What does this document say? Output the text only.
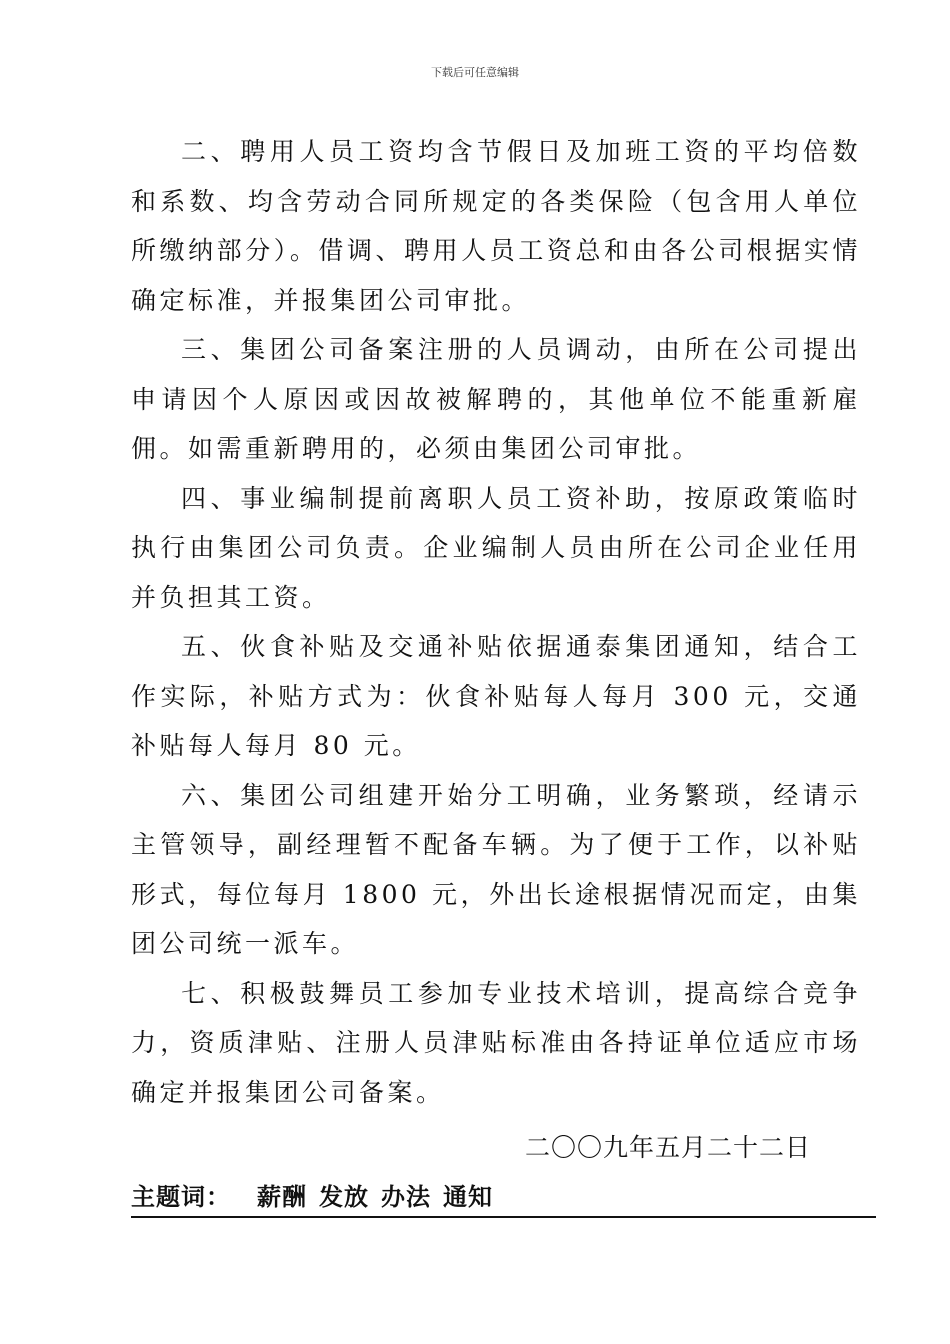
下载后可任意编辑

二、聘用人员工资均含节假日及加班工资的平均倍数和系数、均含劳动合同所规定的各类保险（包含用人单位所缴纳部分）。借调、聘用人员工资总和由各公司根据实情确定标准，并报集团公司审批。

三、集团公司备案注册的人员调动，由所在公司提出申请因个人原因或因故被解聘的，其他单位不能重新雇佣。如需重新聘用的，必须由集团公司审批。

四、事业编制提前离职人员工资补助，按原政策临时执行由集团公司负责。企业编制人员由所在公司企业任用并负担其工资。

五、伙食补贴及交通补贴依据通泰集团通知，结合工作实际，补贴方式为：伙食补贴每人每月 300 元，交通补贴每人每月 80 元。

六、集团公司组建开始分工明确，业务繁琐，经请示主管领导，副经理暂不配备车辆。为了便于工作，以补贴形式，每位每月 1800 元，外出长途根据情况而定，由集团公司统一派车。

七、积极鼓舞员工参加专业技术培训，提高综合竞争力，资质津贴、注册人员津贴标准由各持证单位适应市场确定并报集团公司备案。

二〇〇九年五月二十二日
主题词： 薪酬 发放 办法 通知
